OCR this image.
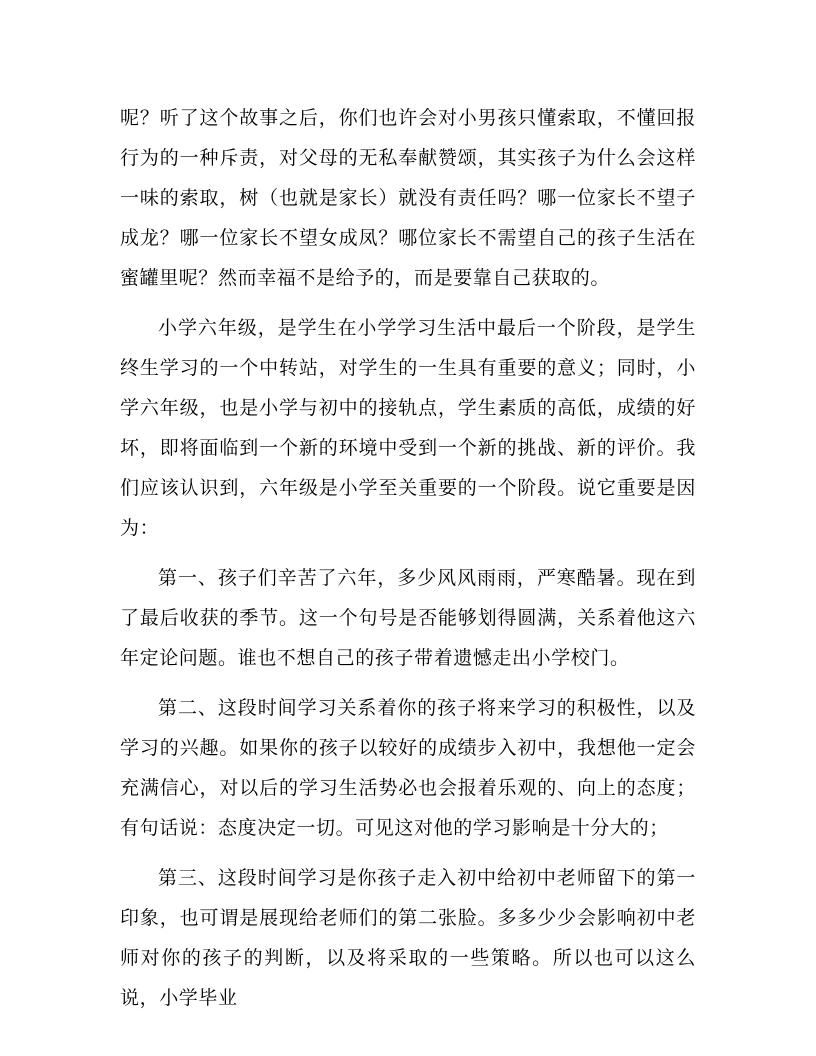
呢？听了这个故事之后，你们也许会对小男孩只懂索取，不懂回报行为的一种斥责，对父母的无私奉献赞颂，其实孩子为什么会这样一味的索取，树（也就是家长）就没有责任吗？哪一位家长不望子成龙？哪一位家长不望女成凤？哪位家长不需望自己的孩子生活在蜜罐里呢？然而幸福不是给予的，而是要靠自己获取的。

小学六年级，是学生在小学学习生活中最后一个阶段，是学生终生学习的一个中转站，对学生的一生具有重要的意义；同时，小学六年级，也是小学与初中的接轨点，学生素质的高低，成绩的好坏，即将面临到一个新的环境中受到一个新的挑战、新的评价。我们应该认识到，六年级是小学至关重要的一个阶段。说它重要是因为：

第一、孩子们辛苦了六年，多少风风雨雨，严寒酷暑。现在到了最后收获的季节。这一个句号是否能够划得圆满，关系着他这六年定论问题。谁也不想自己的孩子带着遗憾走出小学校门。

第二、这段时间学习关系着你的孩子将来学习的积极性，以及学习的兴趣。如果你的孩子以较好的成绩步入初中，我想他一定会充满信心，对以后的学习生活势必也会报着乐观的、向上的态度；有句话说：态度决定一切。可见这对他的学习影响是十分大的；

第三、这段时间学习是你孩子走入初中给初中老师留下的第一印象，也可谓是展现给老师们的第二张脸。多多少少会影响初中老师对你的孩子的判断，以及将采取的一些策略。所以也可以这么说，小学毕业
